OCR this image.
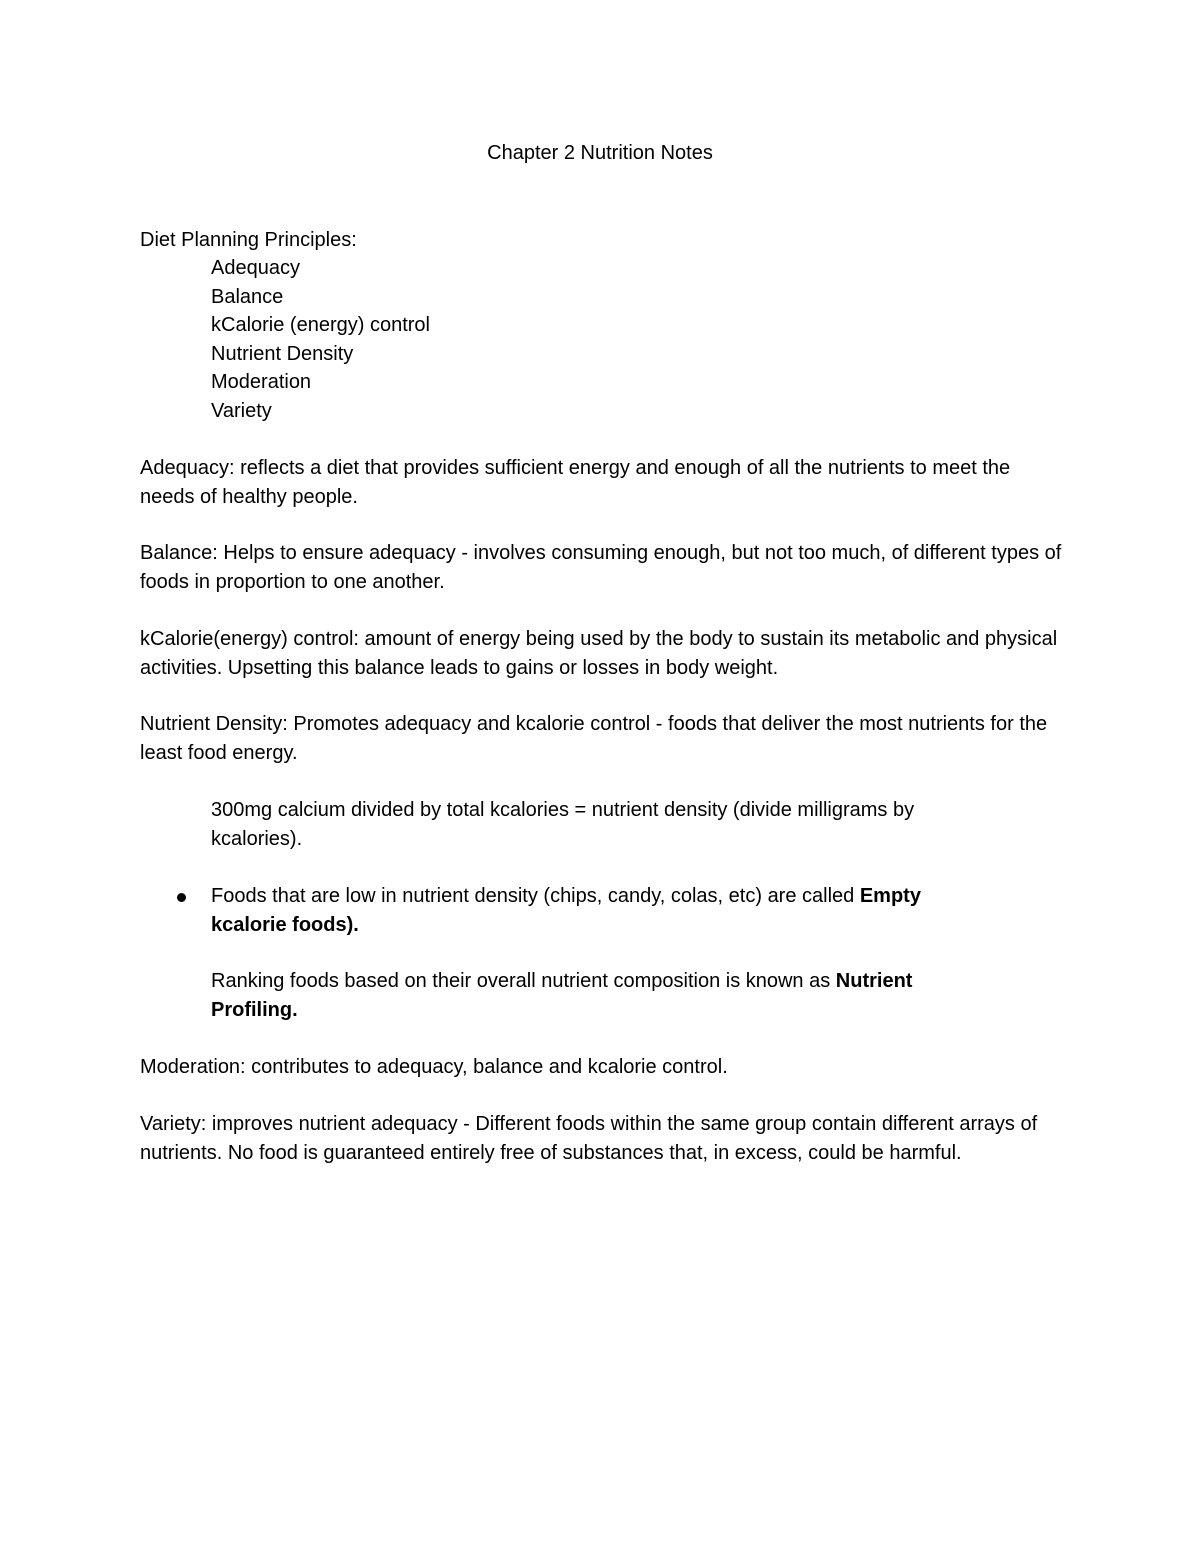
Chapter 2 Nutrition Notes
Diet Planning Principles:
Adequacy
Balance
kCalorie (energy) control
Nutrient Density
Moderation
Variety

Adequacy: reflects a diet that provides sufficient energy and enough of all the nutrients to meet the needs of healthy people.

Balance: Helps to ensure adequacy - involves consuming enough, but not too much, of different types of foods in proportion to one another.

kCalorie(energy) control: amount of energy being used by the body to sustain its metabolic and physical activities. Upsetting this balance leads to gains or losses in body weight.

Nutrient Density: Promotes adequacy and kcalorie control - foods that deliver the most nutrients for the least food energy.

300mg calcium divided by total kcalories = nutrient density (divide milligrams by kcalories).

Foods that are low in nutrient density (chips, candy, colas, etc) are called Empty kcalorie foods).

Ranking foods based on their overall nutrient composition is known as Nutrient Profiling.

Moderation: contributes to adequacy, balance and kcalorie control.

Variety: improves nutrient adequacy - Different foods within the same group contain different arrays of nutrients. No food is guaranteed entirely free of substances that, in excess, could be harmful.
